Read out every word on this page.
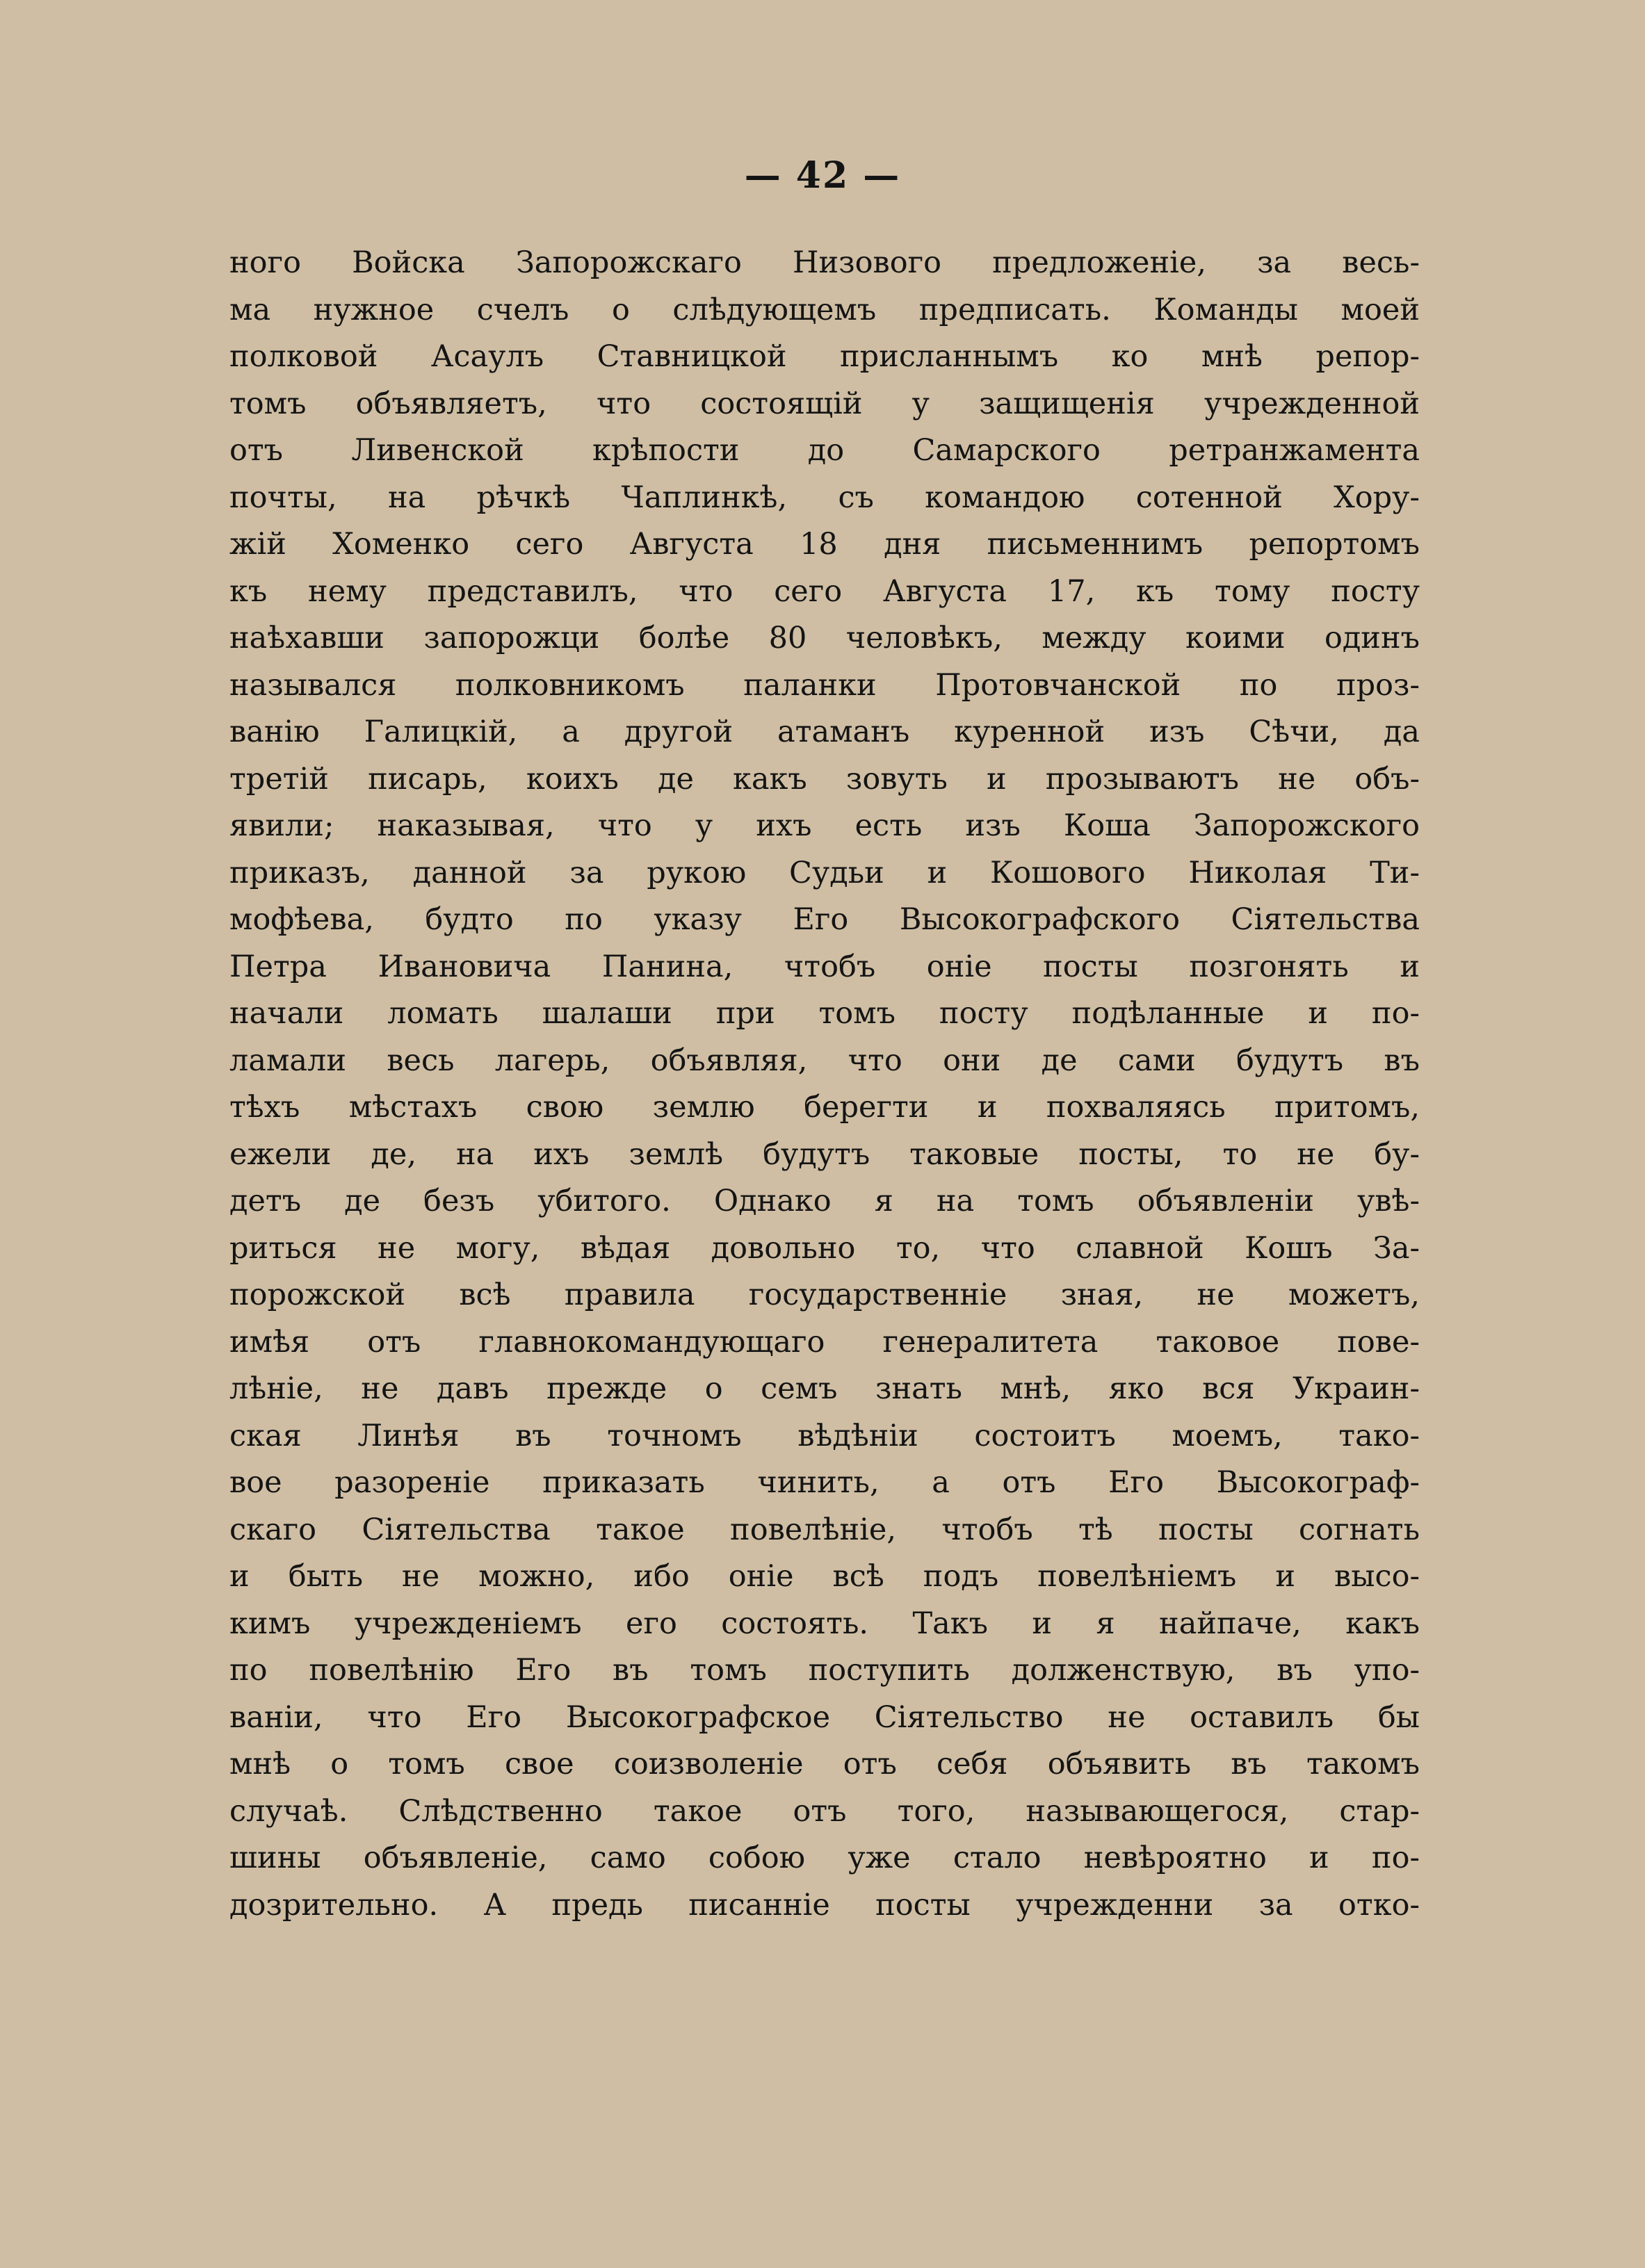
— 42 —
ного Войска Запорожскаго Низового предложеніе, за весь-
ма нужное счелъ о слѣдующемъ предписать. Команды моей
полковой Асаулъ Ставницкой присланнымъ ко мнѣ репор-
томъ объявляетъ, что состоящій у защищенія учрежденной
отъ Ливенской крѣпости до Самарского ретранжамента
почты, на рѣчкѣ Чаплинкѣ, съ командою сотенной Хору-
жій Хоменко сего Августа 18 дня письменнимъ репортомъ
къ нему представилъ, что сего Августа 17, къ тому посту
наѣхавши запорожци болѣе 80 человѣкъ, между коими одинъ
назывался полковникомъ паланки Протовчанской по проз-
ванію Галицкій, а другой атаманъ куренной изъ Сѣчи, да
третій писарь, коихъ де какъ зовуть и прозываютъ не объ-
явили; наказывая, что у ихъ есть изъ Коша Запорожского
приказъ, данной за рукою Судьи и Кошового Николая Ти-
мофѣева, будто по указу Его Высокографского Сіятельства
Петра Ивановича Панина, чтобъ оніе посты позгонять и
начали ломать шалаши при томъ посту подѣланные и по-
ламали весь лагерь, объявляя, что они де сами будутъ въ
тѣхъ мѣстахъ свою землю берегти и похваляясь притомъ,
ежели де, на ихъ землѣ будутъ таковые посты, то не бу-
детъ де безъ убитого. Однако я на томъ объявленіи увѣ-
риться не могу, вѣдая довольно то, что славной Кошъ За-
порожской всѣ правила государственніе зная, не можетъ,
имѣя отъ главнокомандующаго генералитета таковое пове-
лѣніе, не давъ прежде о семъ знать мнѣ, яко вся Украин-
ская Линѣя въ точномъ вѣдѣніи состоитъ моемъ, тако-
вое разореніе приказать чинить, а отъ Его Высокограф-
скаго Сіятельства такое повелѣніе, чтобъ тѣ посты согнать
и быть не можно, ибо оніе всѣ подъ повелѣніемъ и высо-
кимъ учрежденіемъ его состоять. Такъ и я найпаче, какъ
по повелѣнію Его въ томъ поступить долженствую, въ упо-
ваніи, что Его Высокографское Сіятельство не оставилъ бы
мнѣ о томъ свое соизволеніе отъ себя объявить въ такомъ
случаѣ. Слѣдственно такое отъ того, называющегося, стар-
шины объявленіе, само собою уже стало невѣроятно и по-
дозрительно. А предь писанніе посты учрежденни за отко-
